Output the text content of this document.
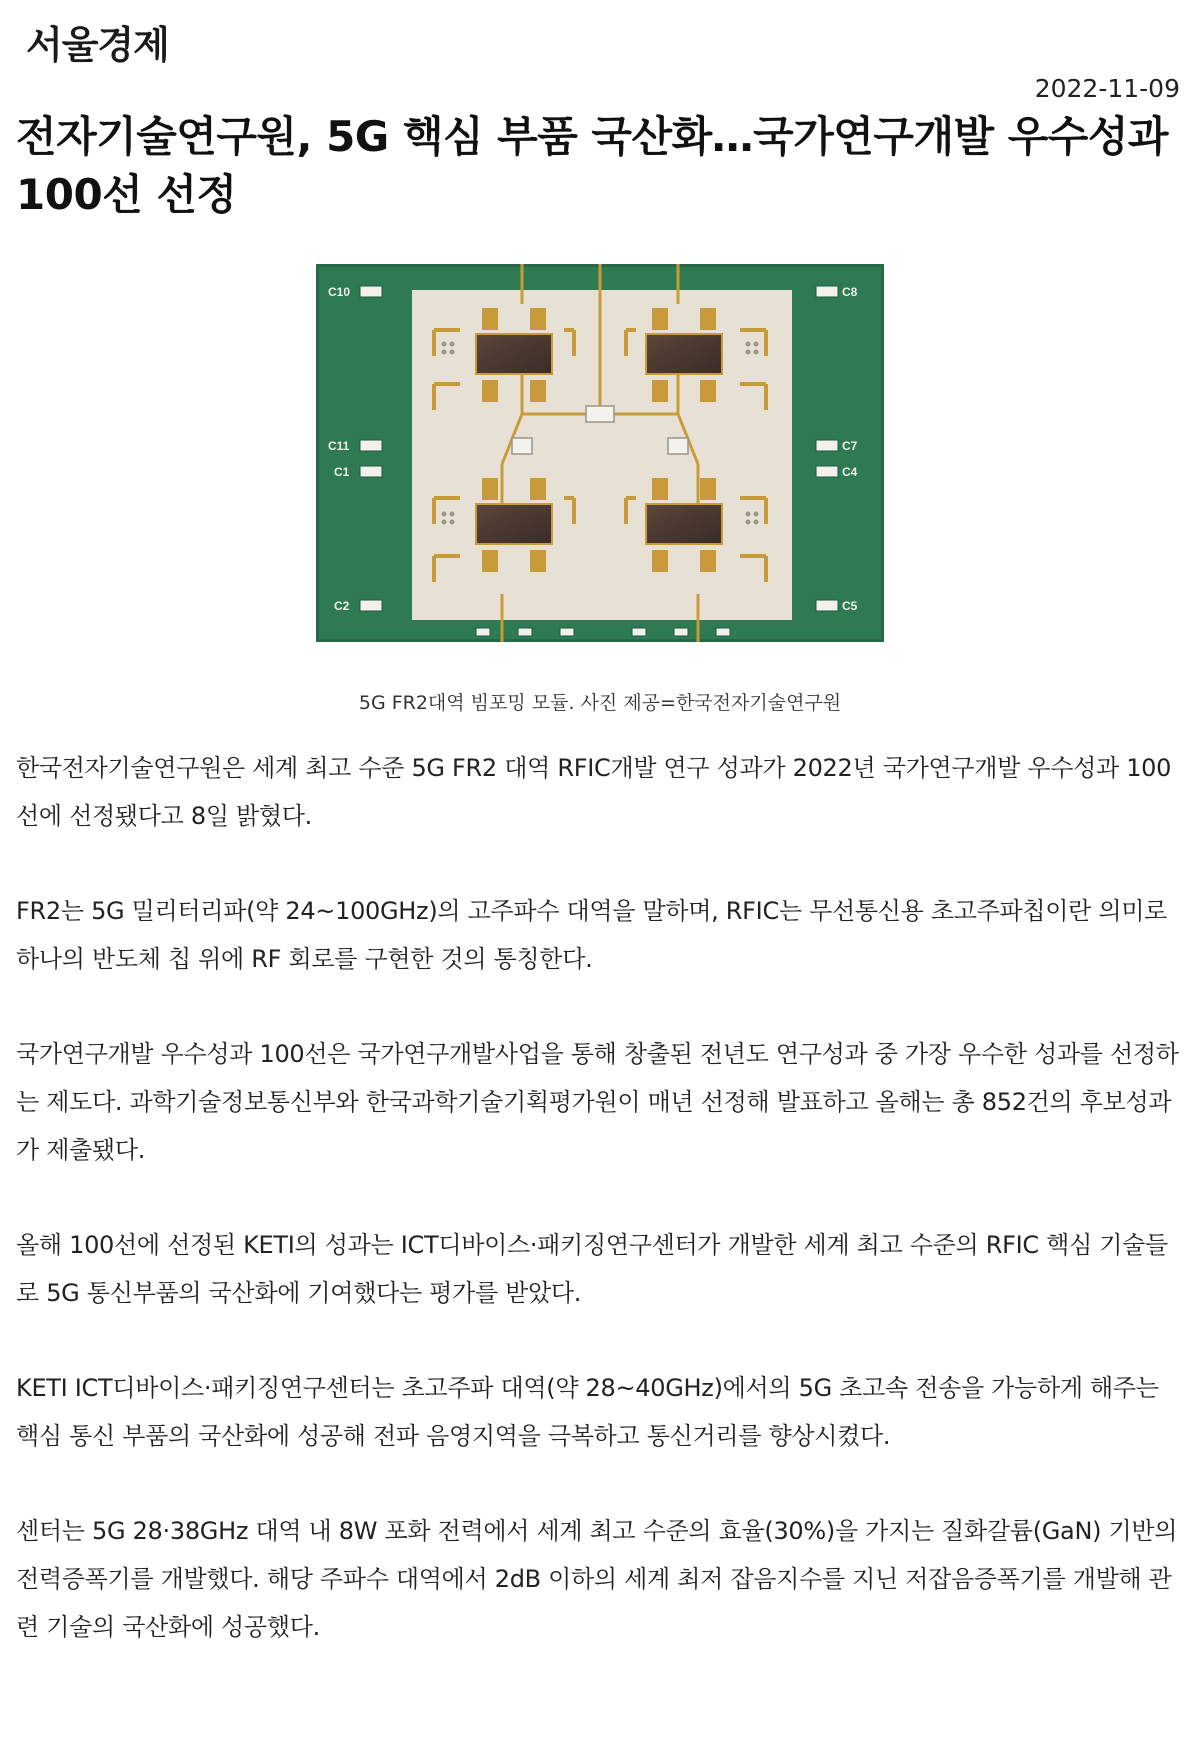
서울경제
2022-11-09
전자기술연구원, 5G 핵심 부품 국산화…국가연구개발 우수성과 100선 선정
C10	C8
C11	C7
C1	C4
C2	C5
5G FR2대역 빔포밍 모듈. 사진 제공=한국전자기술연구원

한국전자기술연구원은 세계 최고 수준 5G FR2 대역 RFIC개발 연구 성과가 2022년 국가연구개발 우수성과 100선에 선정됐다고 8일 밝혔다.

FR2는 5G 밀리터리파(약 24~100GHz)의 고주파수 대역을 말하며, RFIC는 무선통신용 초고주파칩이란 의미로 하나의 반도체 칩 위에 RF 회로를 구현한 것의 통칭한다.

국가연구개발 우수성과 100선은 국가연구개발사업을 통해 창출된 전년도 연구성과 중 가장 우수한 성과를 선정하는 제도다. 과학기술정보통신부와 한국과학기술기획평가원이 매년 선정해 발표하고 올해는 총 852건의 후보성과가 제출됐다.

올해 100선에 선정된 KETI의 성과는 ICT디바이스·패키징연구센터가 개발한 세계 최고 수준의 RFIC 핵심 기술들로 5G 통신부품의 국산화에 기여했다는 평가를 받았다.

KETI ICT디바이스·패키징연구센터는 초고주파 대역(약 28~40GHz)에서의 5G 초고속 전송을 가능하게 해주는 핵심 통신 부품의 국산화에 성공해 전파 음영지역을 극복하고 통신거리를 향상시켰다.

센터는 5G 28·38GHz 대역 내 8W 포화 전력에서 세계 최고 수준의 효율(30%)을 가지는 질화갈륨(GaN) 기반의 전력증폭기를 개발했다. 해당 주파수 대역에서 2dB 이하의 세계 최저 잡음지수를 지닌 저잡음증폭기를 개발해 관련 기술의 국산화에 성공했다.
